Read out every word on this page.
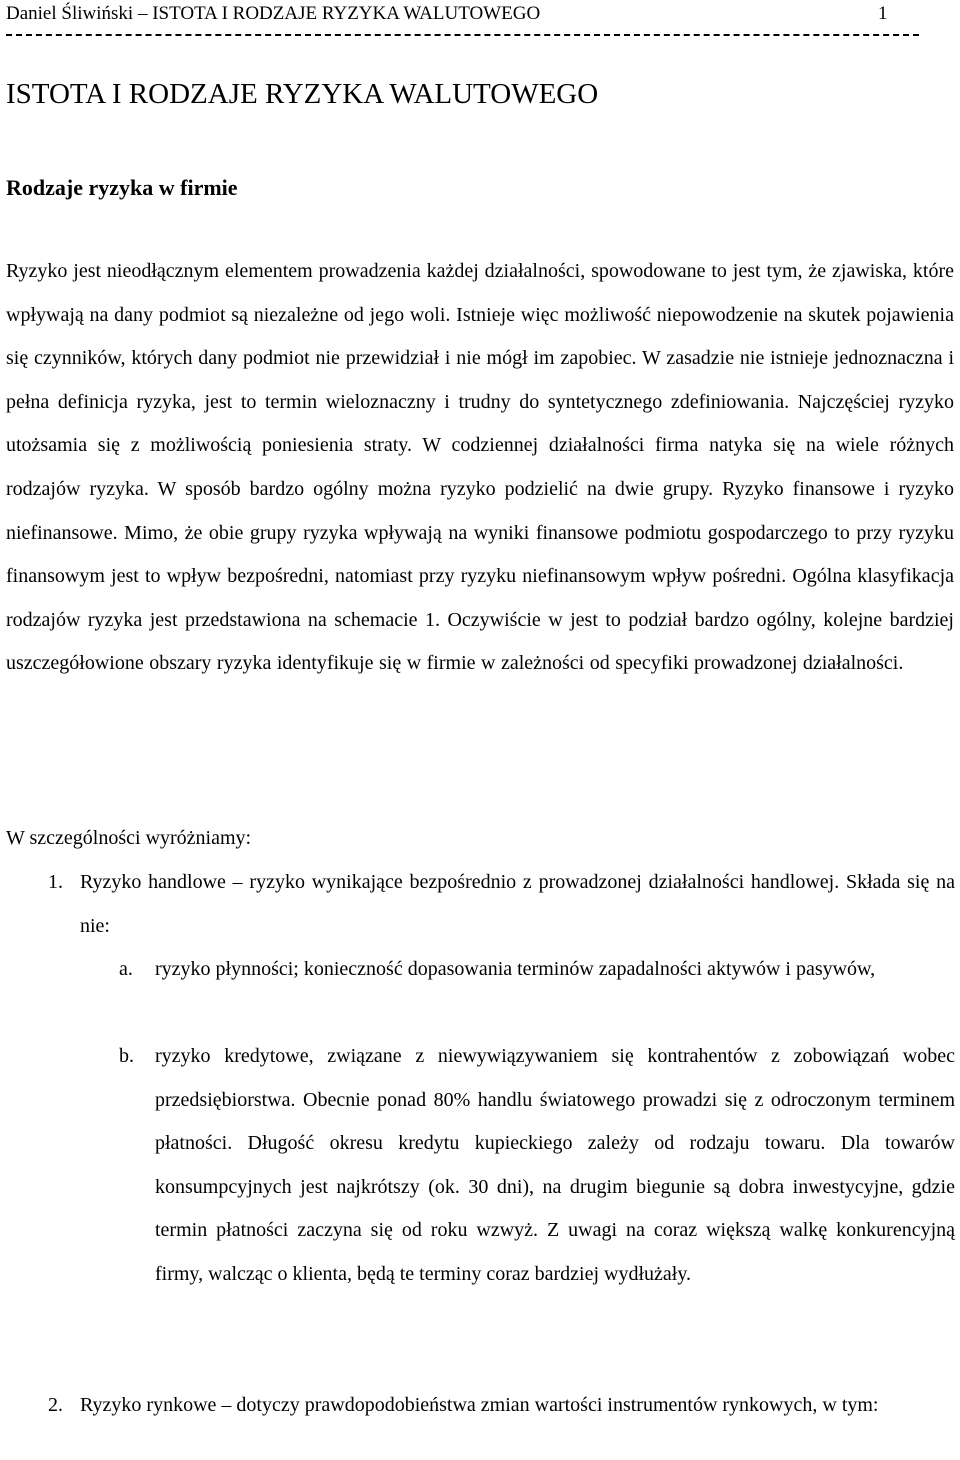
Daniel Śliwiński – ISTOTA I RODZAJE RYZYKA WALUTOWEGO	1
ISTOTA I RODZAJE RYZYKA WALUTOWEGO
Rodzaje ryzyka w firmie

Ryzyko jest nieodłącznym elementem prowadzenia każdej działalności, spowodowane to jest tym, że zjawiska, które wpływają na dany podmiot są niezależne od jego woli. Istnieje więc możliwość niepowodzenie na skutek pojawienia się czynników, których dany podmiot nie przewidział i nie mógł im zapobiec. W zasadzie nie istnieje jednoznaczna i pełna definicja ryzyka, jest to termin wieloznaczny i trudny do syntetycznego zdefiniowania. Najczęściej ryzyko utożsamia się z możliwością poniesienia straty. W codziennej działalności firma natyka się na wiele różnych rodzajów ryzyka. W sposób bardzo ogólny można ryzyko podzielić na dwie grupy. Ryzyko finansowe i ryzyko niefinansowe. Mimo, że obie grupy ryzyka wpływają na wyniki finansowe podmiotu gospodarczego to przy ryzyku finansowym jest to wpływ bezpośredni, natomiast przy ryzyku niefinansowym wpływ pośredni. Ogólna klasyfikacja rodzajów ryzyka jest przedstawiona na schemacie 1. Oczywiście w jest to podział bardzo ogólny, kolejne bardziej uszczegółowione obszary ryzyka identyfikuje się w firmie w zależności od specyfiki prowadzonej działalności.

W szczególności wyróżniamy:

1. Ryzyko handlowe – ryzyko wynikające bezpośrednio z prowadzonej działalności handlowej. Składa się na nie:

a. ryzyko płynności; konieczność dopasowania terminów zapadalności aktywów i pasywów,

b. ryzyko kredytowe, związane z niewywiązywaniem się kontrahentów z zobowiązań wobec przedsiębiorstwa. Obecnie ponad 80% handlu światowego prowadzi się z odroczonym terminem płatności. Długość okresu kredytu kupieckiego zależy od rodzaju towaru. Dla towarów konsumpcyjnych jest najkrótszy (ok. 30 dni), na drugim biegunie są dobra inwestycyjne, gdzie termin płatności zaczyna się od roku wzwyż. Z uwagi na coraz większą walkę konkurencyjną firmy, walcząc o klienta, będą te terminy coraz bardziej wydłużały.

2. Ryzyko rynkowe – dotyczy prawdopodobieństwa zmian wartości instrumentów rynkowych, w tym:
